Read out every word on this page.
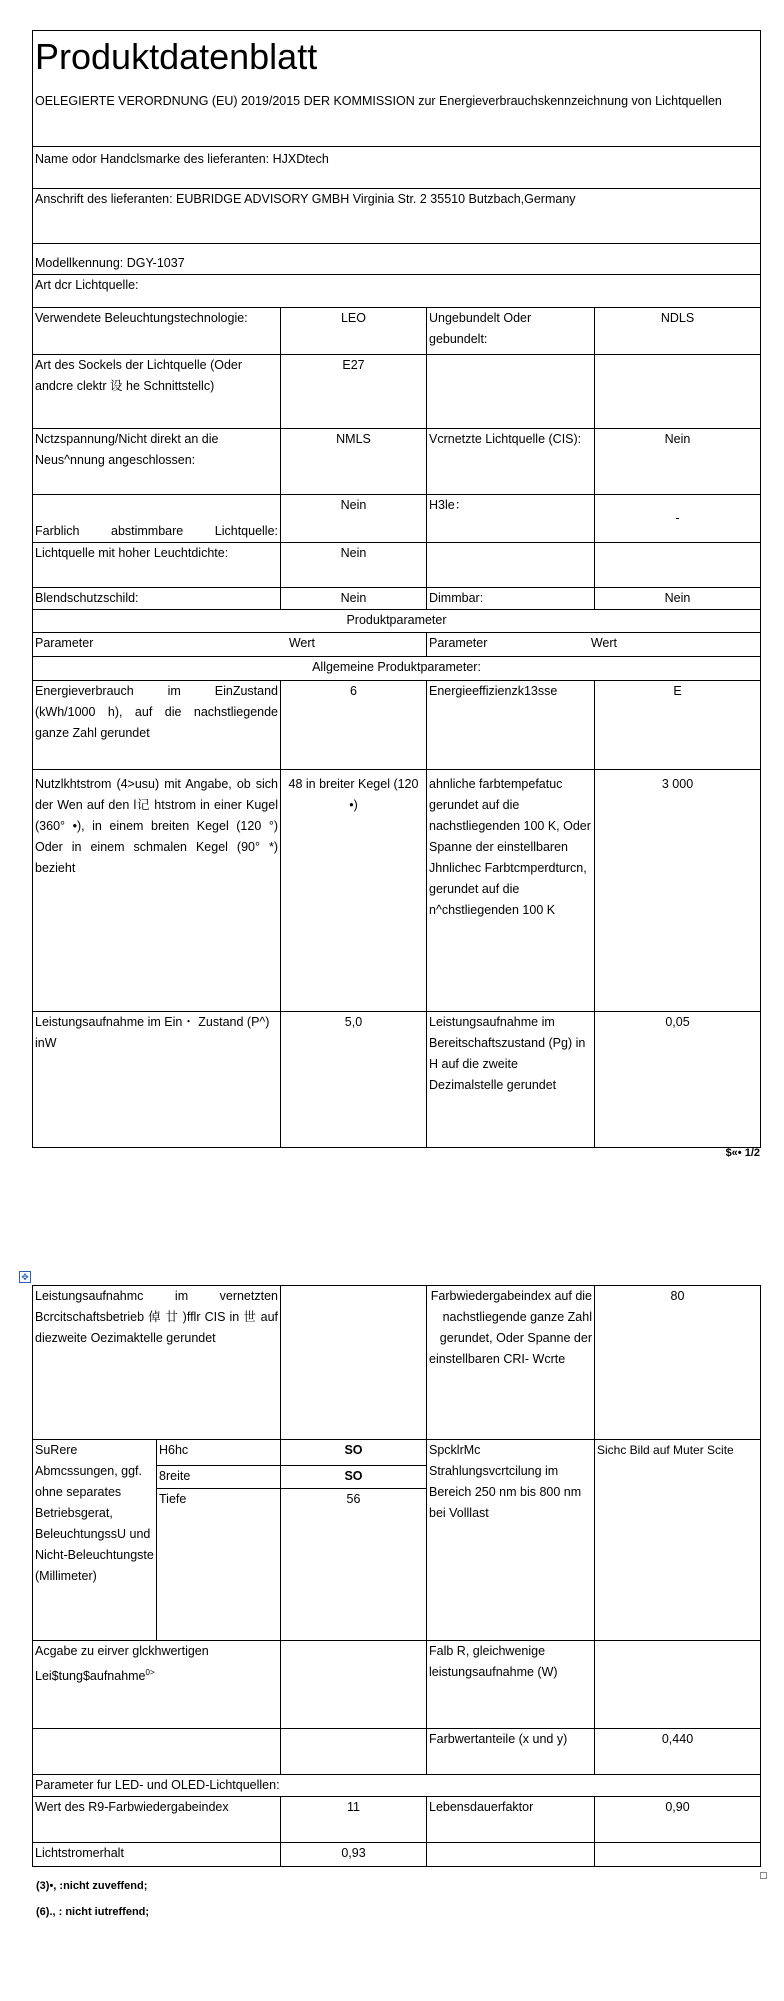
Produktdatenblatt
OELEGIERTE VERORDNUNG (EU) 2019/2015 DER KOMMISSION zur Energieverbrauchskennzeichnung von Lichtquellen			

Name odor Handclsmarke des lieferanten: HJXDtech			
Anschrift des lieferanten: EUBRIDGE ADVISORY GMBH Virginia Str. 2 35510 Butzbach,Germany			
Modellkennung: DGY-1037			
Art dcr Lichtquelle:			
Verwendete Beleuchtungstechnologie:	LEO	Ungebundelt Oder gebundelt:	NDLS
Art des Sockels der Lichtquelle (Oder andcre clektr 设 he Schnittstellc)	E27		
Nctzspannung/Nicht direkt an die Neus^nnung angeschlossen:	NMLS	Vcrnetzte Lichtquelle (CIS):	Nein
Farblich abstimmbare Lichtquelle:	Nein	H3le：	-
Lichtquelle mit hoher Leuchtdichte:	Nein		
Blendschutzschild:	Nein	Dimmbar:	Nein
Produktparameter			
Parameter Wert		Parameter Wert	
Allgemeine Produktparameter:			
Energieverbrauch im EinZustand (kWh/1000 h), auf die nachstliegende ganze Zahl gerundet	6	Energieeffizienzk13sse	E
Nutzlkhtstrom (4>usu) mit Angabe, ob sich der Wen auf den l记 htstrom in einer Kugel (360° •), in einem breiten Kegel (120 °) Oder in einem schmalen Kegel (90° *) bezieht	48 in breiter Kegel (120 •)	ahnliche farbtempefatuc gerundet auf die nachstliegenden 100 K, Oder Spanne der einstellbaren Jhnlichec Farbtcmperdturcn, gerundet auf die n^chstliegenden 100 K	3 000
Leistungsaufnahme im Ein・ Zustand (P^) inW	5,0	Leistungsaufnahme im Bereitschaftszustand (Pg) in H auf die zweite Dezimalstelle gerundet	0,05
$«• 1/2
✥
Leistungsaufnahmc im vernetzten Bcrcitschaftsbetrieb 倬 廿 )fflr CIS in 世 auf diezweite Oezimaktelle gerundet			Farbwiedergabeindex auf die nachstliegende ganze Zahl gerundet, Oder Spanne der einstellbaren CRI- Wcrte	80
SuRere Abmcssungen, ggf. ohne separates Betriebsgerat, BeleuchtungssU und Nicht-Beleuchtungste (Millimeter)	H6hc	SO	SpcklrMc Strahlungsvcrtcilung im Bereich 250 nm bis 800 nm bei Volllast	Sichc Bild auf Muter Scite
	8reite	SO		
	Tiefe	56		
Acgabe zu eirver glckhwertigen Lei$tung$aufnahme$^{0>}$			Falb R, gleichwenige leistungsaufnahme (W)	
			Farbwertanteile (x und y)	0,440
Parameter fur LED- und OLED-Lichtquellen:				
Wert des R9-Farbwiedergabeindex		11	Lebensdauerfaktor	0,90
Lichtstromerhalt		0,93		
(3)•, :nicht zuveffend;
(6)., : nicht iutreffend;
